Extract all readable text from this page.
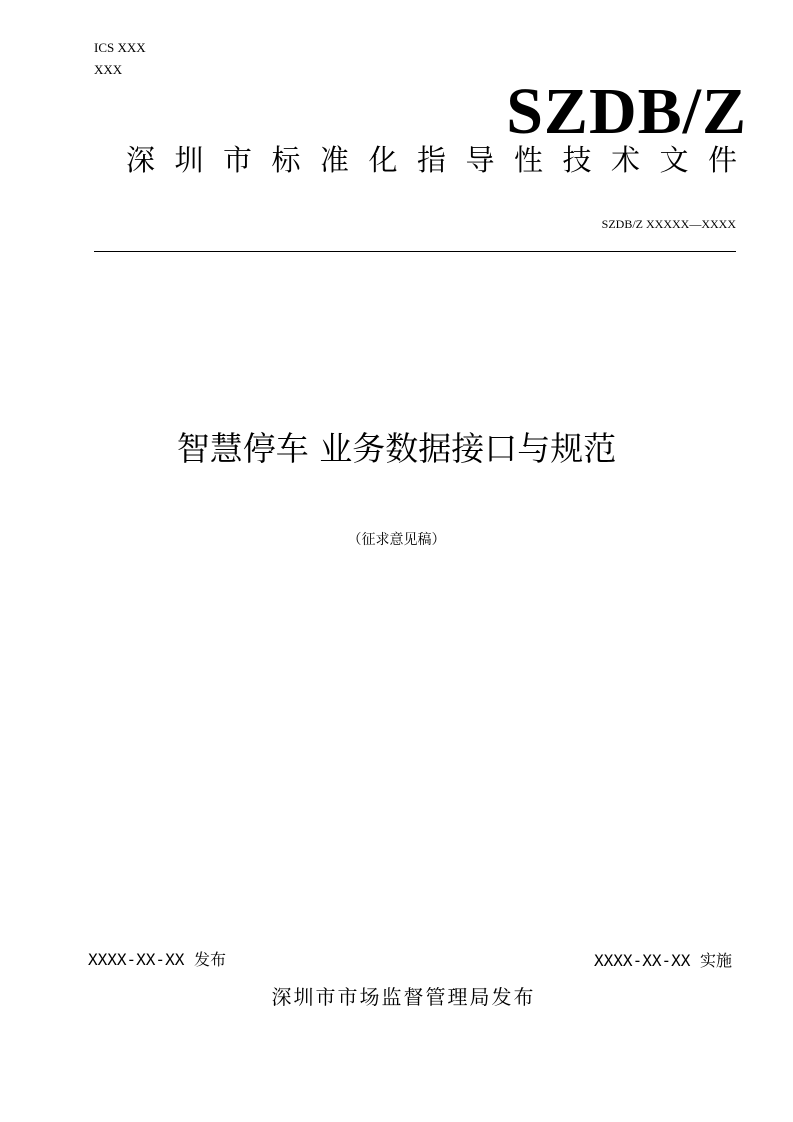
ICS XXX
XXX
SZDB/Z
深圳市标准化指导性技术文件
SZDB/Z XXXXX—XXXX
智慧停车 业务数据接口与规范
（征求意见稿）
XXXX-XX-XX 发布	XXXX-XX-XX 实施
深圳市市场监督管理局发布
